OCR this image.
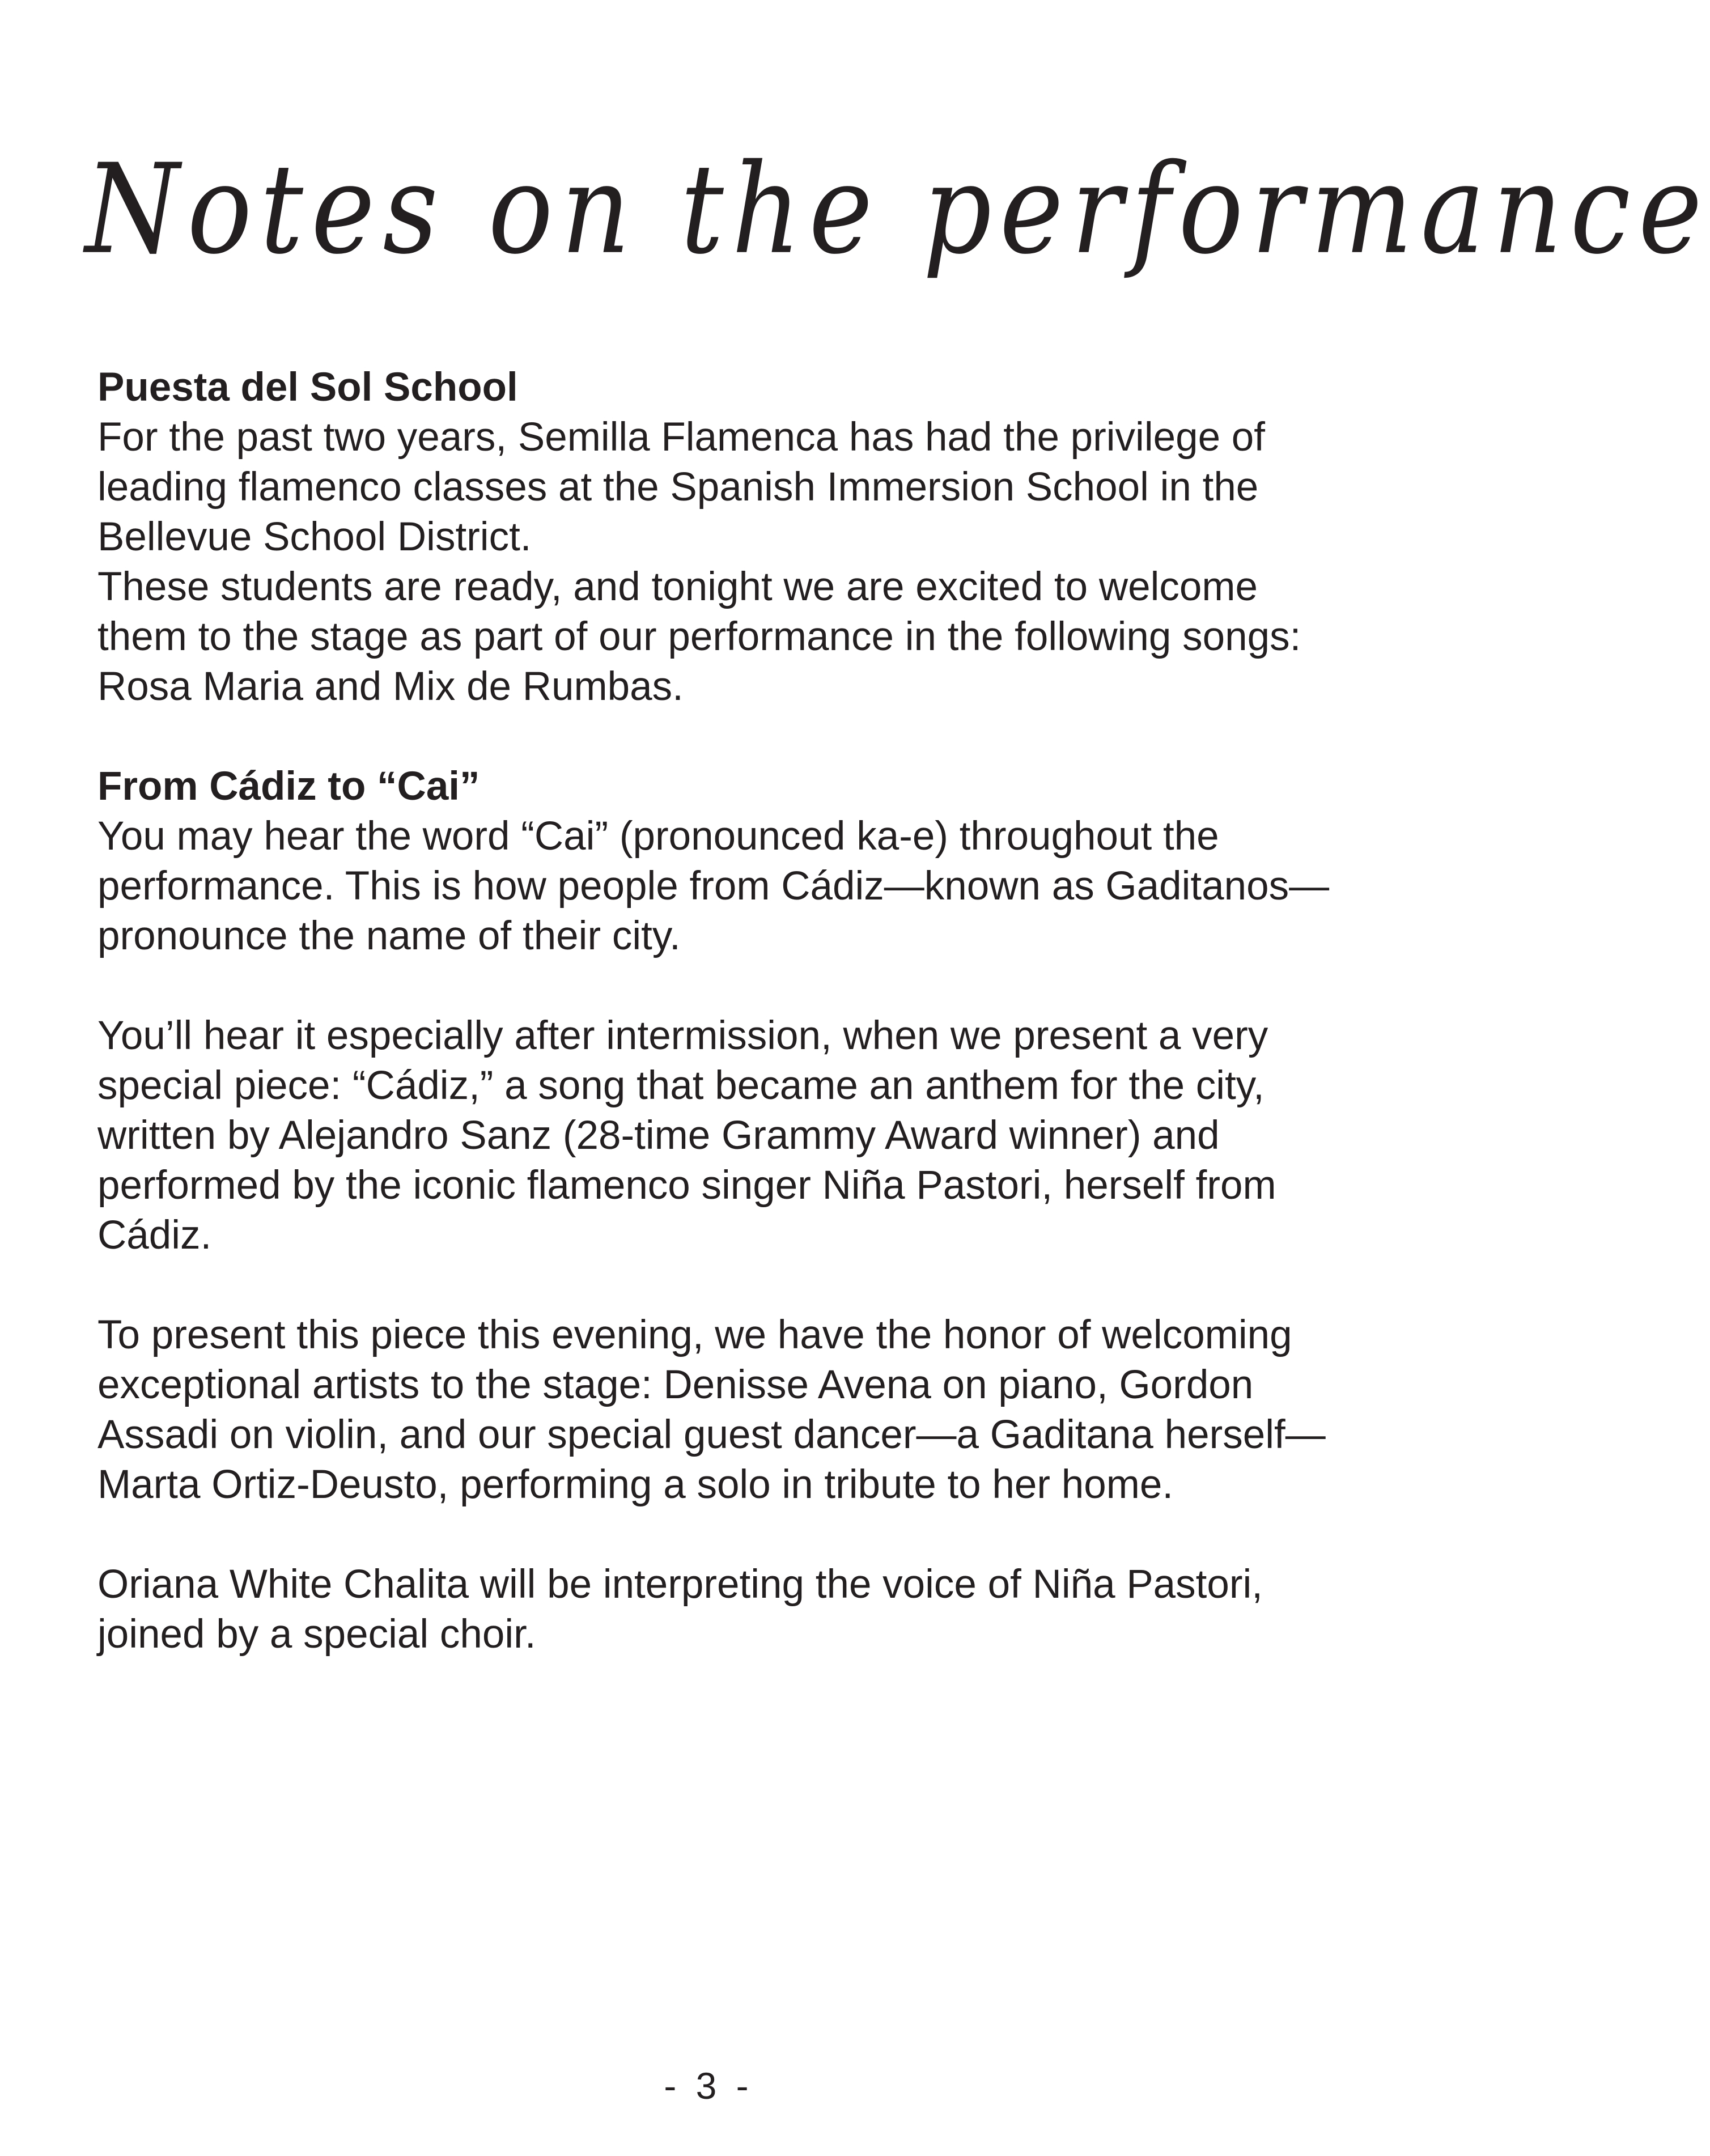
Notes on the performance
Puesta del Sol School

For the past two years, Semilla Flamenca has had the privilege of leading flamenco classes at the Spanish Immersion School in the Bellevue School District.

These students are ready, and tonight we are excited to welcome them to the stage as part of our performance in the following songs: Rosa Maria and Mix de Rumbas.

From Cádiz to “Cai”

You may hear the word “Cai” (pronounced ka-e) throughout the performance. This is how people from Cádiz—known as Gaditanos—pronounce the name of their city.

You’ll hear it especially after intermission, when we present a very special piece: “Cádiz,” a song that became an anthem for the city, written by Alejandro Sanz (28-time Grammy Award winner) and performed by the iconic flamenco singer Niña Pastori, herself from Cádiz.

To present this piece this evening, we have the honor of welcoming exceptional artists to the stage: Denisse Avena on piano, Gordon Assadi on violin, and our special guest dancer—a Gaditana herself—Marta Ortiz-Deusto, performing a solo in tribute to her home.

Oriana White Chalita will be interpreting the voice of Niña Pastori, joined by a special choir.

- 3 -
